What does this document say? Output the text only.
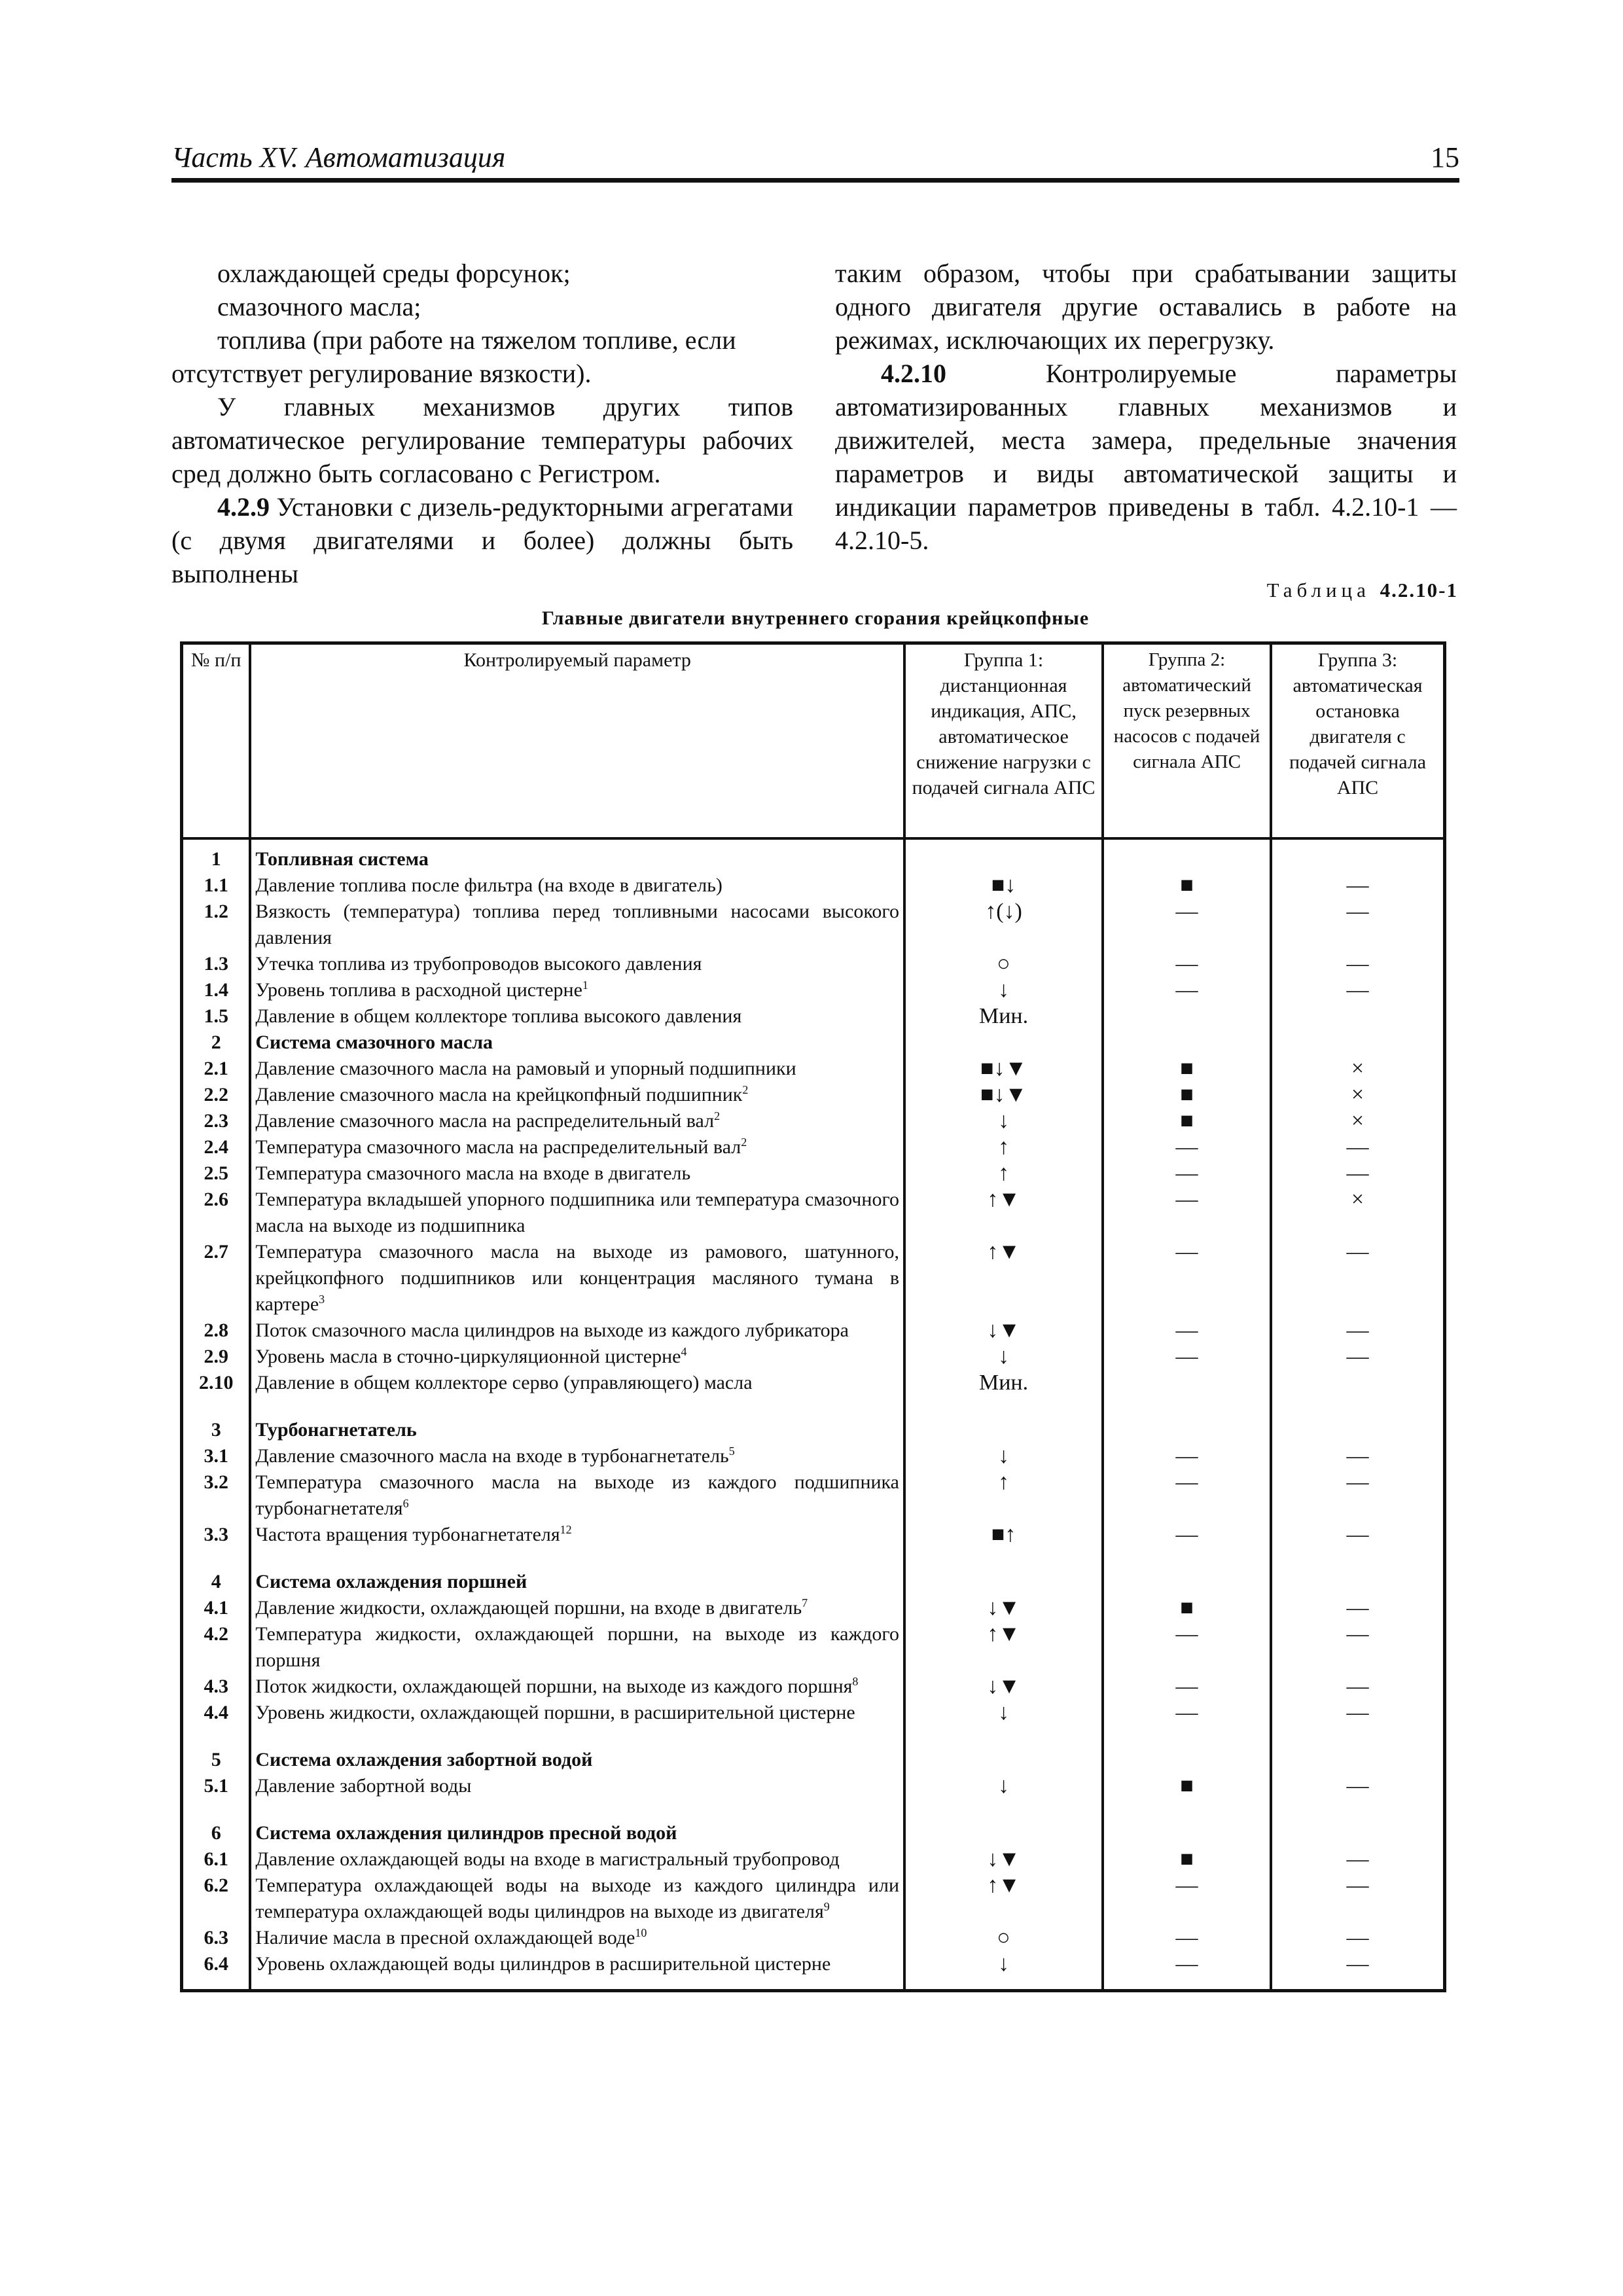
Часть XV. Автоматизация	15

охлаждающей среды форсунок;

смазочного масла;

топлива (при работе на тяжелом топливе, если

отсутствует регулирование вязкости).

У главных механизмов других типов автоматическое регулирование температуры рабочих сред должно быть согласовано с Регистром.

4.2.9 Установки с дизель-редукторными агрегатами (с двумя двигателями и более) должны быть выполнены

таким образом, чтобы при срабатывании защиты одного двигателя другие оставались в работе на режимах, исключающих их перегрузку.

4.2.10	Контролируемые параметры автоматизированных главных механизмов и движителей, места замера, предельные значения параметров и виды автоматической защиты и индикации параметров приведены в табл. 4.2.10-1 — 4.2.10-5.

Таблица 4.2.10-1
Главные двигатели внутреннего сгорания крейцкопфные
№ п/п	Контролируемый параметр	Группа 1: дистанционная индикация, АПС, автоматическое снижение нагрузки с подачей сигнала АПС	Группа 2: автоматический пуск резервных насосов с подачей сигнала АПС	Группа 3: автоматическая остановка двигателя с подачей сигнала АПС
1	Топливная система			
1.1	Давление топлива после фильтра (на входе в двигатель)	■↓	■	—
1.2	Вязкость (температура) топлива перед топливными насосами высокого давления	↑(↓)	—	—
1.3	Утечка топлива из трубопроводов высокого давления	○	—	—
1.4	Уровень топлива в расходной цистерне$^1$	↓	—	—
1.5	Давление в общем коллекторе топлива высокого давления	Мин.		
2	Система смазочного масла			
2.1	Давление смазочного масла на рамовый и упорный подшипники	■↓▼	■	×
2.2	Давление смазочного масла на крейцкопфный подшипник$^2$	■↓▼	■	×
2.3	Давление смазочного масла на распределительный вал$^2$	↓	■	×
2.4	Температура смазочного масла на распределительный вал$^2$	↑	—	—
2.5	Температура смазочного масла на входе в двигатель	↑	—	—
2.6	Температура вкладышей упорного подшипника или температура смазочного масла на выходе из подшипника	↑▼	—	×
2.7	Температура смазочного масла на выходе из рамового, шатунного, крейцкопфного подшипников или концентрация масляного тумана в картере$^3$	↑▼	—	—
2.8	Поток смазочного масла цилиндров на выходе из каждого лубрикатора	↓▼	—	—
2.9	Уровень масла в сточно-циркуляционной цистерне$^4$	↓	—	—
2.10	Давление в общем коллекторе серво (управляющего) масла	Мин.		
3	Турбонагнетатель			
3.1	Давление смазочного масла на входе в турбонагнетатель$^5$	↓	—	—
3.2	Температура смазочного масла на выходе из каждого подшипника турбонагнетателя$^6$	↑	—	—
3.3	Частота вращения турбонагнетателя$^{12}$	■↑	—	—
4	Система охлаждения поршней			
4.1	Давление жидкости, охлаждающей поршни, на входе в двигатель$^7$	↓▼	■	—
4.2	Температура жидкости, охлаждающей поршни, на выходе из каждого поршня	↑▼	—	—
4.3	Поток жидкости, охлаждающей поршни, на выходе из каждого поршня$^8$	↓▼	—	—
4.4	Уровень жидкости, охлаждающей поршни, в расширительной цистерне	↓	—	—
5	Система охлаждения забортной водой			
5.1	Давление забортной воды	↓	■	—
6	Система охлаждения цилиндров пресной водой			
6.1	Давление охлаждающей воды на входе в магистральный трубопровод	↓▼	■	—
6.2	Температура охлаждающей воды на выходе из каждого цилиндра или температура охлаждающей воды цилиндров на выходе из двигателя$^9$	↑▼	—	—
6.3	Наличие масла в пресной охлаждающей воде$^{10}$	○	—	—
6.4	Уровень охлаждающей воды цилиндров в расширительной цистерне	↓	—	—
